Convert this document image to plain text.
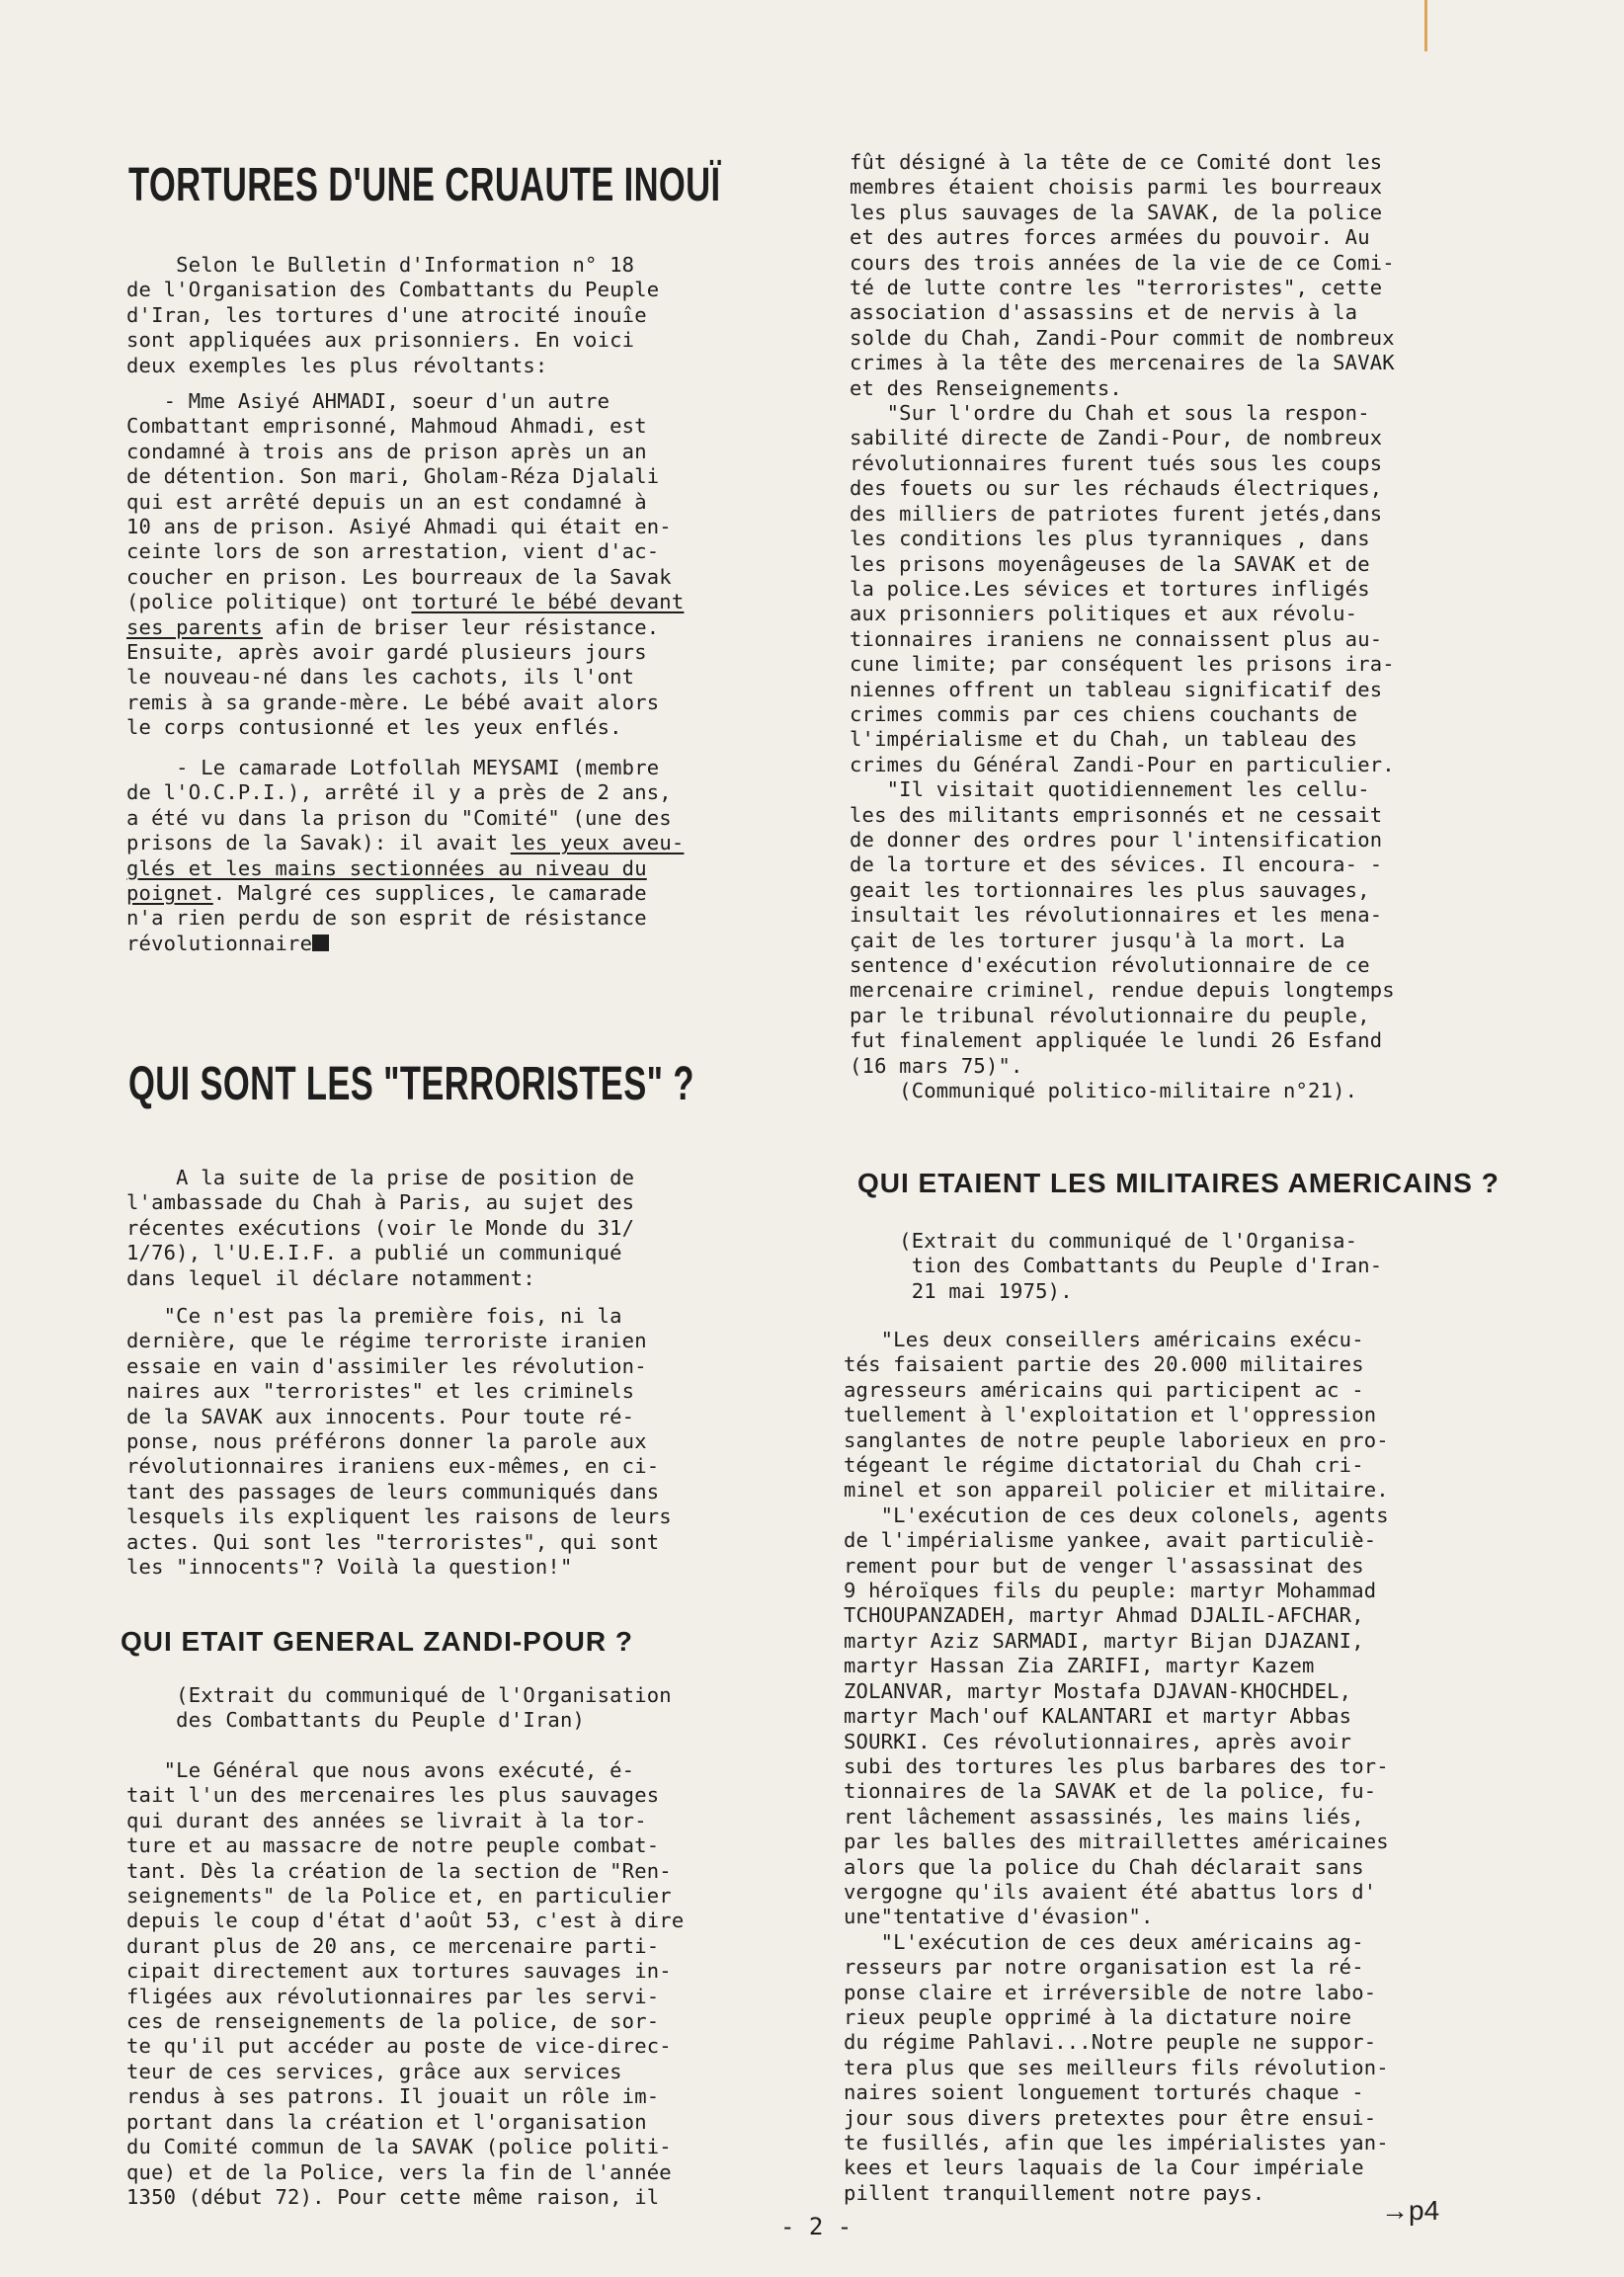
TORTURES D'UNE CRUAUTE INOUÏ

Selon le Bulletin d'Information n° 18
de l'Organisation des Combattants du Peuple
d'Iran, les tortures d'une atrocité inouîe
sont appliquées aux prisonniers. En voici
deux exemples les plus révoltants:

- Mme Asiyé AHMADI, soeur d'un autre
Combattant emprisonné, Mahmoud Ahmadi, est
condamné à trois ans de prison après un an
de détention. Son mari, Gholam-Réza Djalali
qui est arrêté depuis un an est condamné à
10 ans de prison. Asiyé Ahmadi qui était en-
ceinte lors de son arrestation, vient d'ac-
coucher en prison. Les bourreaux de la Savak
(police politique) ont torturé le bébé devant
ses parents afin de briser leur résistance.
Ensuite, après avoir gardé plusieurs jours
le nouveau-né dans les cachots, ils l'ont
remis à sa grande-mère. Le bébé avait alors
le corps contusionné et les yeux enflés.

- Le camarade Lotfollah MEYSAMI (membre
de l'O.C.P.I.), arrêté il y a près de 2 ans,
a été vu dans la prison du "Comité" (une des
prisons de la Savak): il avait les yeux aveu-
glés et les mains sectionnées au niveau du
poignet. Malgré ces supplices, le camarade
n'a rien perdu de son esprit de résistance
révolutionnaire

QUI SONT LES "TERRORISTES" ?

A la suite de la prise de position de
l'ambassade du Chah à Paris, au sujet des
récentes exécutions (voir le Monde du 31/
1/76), l'U.E.I.F. a publié un communiqué
dans lequel il déclare notamment:

"Ce n'est pas la première fois, ni la
dernière, que le régime terroriste iranien
essaie en vain d'assimiler les révolution-
naires aux "terroristes" et les criminels
de la SAVAK aux innocents. Pour toute ré-
ponse, nous préférons donner la parole aux
révolutionnaires iraniens eux-mêmes, en ci-
tant des passages de leurs communiqués dans
lesquels ils expliquent les raisons de leurs
actes. Qui sont les "terroristes", qui sont
les "innocents"? Voilà la question!"

QUI ETAIT GENERAL ZANDI-POUR ?

(Extrait du communiqué de l'Organisation
des Combattants du Peuple d'Iran)

"Le Général que nous avons exécuté, é-
tait l'un des mercenaires les plus sauvages
qui durant des années se livrait à la tor-
ture et au massacre de notre peuple combat-
tant. Dès la création de la section de "Ren-
seignements" de la Police et, en particulier
depuis le coup d'état d'août 53, c'est à dire
durant plus de 20 ans, ce mercenaire parti-
cipait directement aux tortures sauvages in-
fligées aux révolutionnaires par les servi-
ces de renseignements de la police, de sor-
te qu'il put accéder au poste de vice-direc-
teur de ces services, grâce aux services
rendus à ses patrons. Il jouait un rôle im-
portant dans la création et l'organisation
du Comité commun de la SAVAK (police politi-
que) et de la Police, vers la fin de l'année
1350 (début 72). Pour cette même raison, il

fût désigné à la tête de ce Comité dont les
membres étaient choisis parmi les bourreaux
les plus sauvages de la SAVAK, de la police
et des autres forces armées du pouvoir. Au
cours des trois années de la vie de ce Comi-
té de lutte contre les "terroristes", cette
association d'assassins et de nervis à la
solde du Chah, Zandi-Pour commit de nombreux
crimes à la tête des mercenaires de la SAVAK
et des Renseignements.
"Sur l'ordre du Chah et sous la respon-
sabilité directe de Zandi-Pour, de nombreux
révolutionnaires furent tués sous les coups
des fouets ou sur les réchauds électriques,
des milliers de patriotes furent jetés,dans
les conditions les plus tyranniques , dans
les prisons moyenâgeuses de la SAVAK et de
la police.Les sévices et tortures infligés
aux prisonniers politiques et aux révolu-
tionnaires iraniens ne connaissent plus au-
cune limite; par conséquent les prisons ira-
niennes offrent un tableau significatif des
crimes commis par ces chiens couchants de
l'impérialisme et du Chah, un tableau des
crimes du Général Zandi-Pour en particulier.
"Il visitait quotidiennement les cellu-
les des militants emprisonnés et ne cessait
de donner des ordres pour l'intensification
de la torture et des sévices. Il encoura- -
geait les tortionnaires les plus sauvages,
insultait les révolutionnaires et les mena-
çait de les torturer jusqu'à la mort. La
sentence d'exécution révolutionnaire de ce
mercenaire criminel, rendue depuis longtemps
par le tribunal révolutionnaire du peuple,
fut finalement appliquée le lundi 26 Esfand
(16 mars 75)".
(Communiqué politico-militaire n°21).

QUI ETAIENT LES MILITAIRES AMERICAINS ?

(Extrait du communiqué de l'Organisa-
tion des Combattants du Peuple d'Iran-
21 mai 1975).

"Les deux conseillers américains exécu-
tés faisaient partie des 20.000 militaires
agresseurs américains qui participent ac -
tuellement à l'exploitation et l'oppression
sanglantes de notre peuple laborieux en pro-
tégeant le régime dictatorial du Chah cri-
minel et son appareil policier et militaire.
"L'exécution de ces deux colonels, agents
de l'impérialisme yankee, avait particuliè-
rement pour but de venger l'assassinat des
9 héroïques fils du peuple: martyr Mohammad
TCHOUPANZADEH, martyr Ahmad DJALIL-AFCHAR,
martyr Aziz SARMADI, martyr Bijan DJAZANI,
martyr Hassan Zia ZARIFI, martyr Kazem
ZOLANVAR, martyr Mostafa DJAVAN-KHOCHDEL,
martyr Mach'ouf KALANTARI et martyr Abbas
SOURKI. Ces révolutionnaires, après avoir
subi des tortures les plus barbares des tor-
tionnaires de la SAVAK et de la police, fu-
rent lâchement assassinés, les mains liés,
par les balles des mitraillettes américaines
alors que la police du Chah déclarait sans
vergogne qu'ils avaient été abattus lors d'
une"tentative d'évasion".
"L'exécution de ces deux américains ag-
resseurs par notre organisation est la ré-
ponse claire et irréversible de notre labo-
rieux peuple opprimé à la dictature noire
du régime Pahlavi...Notre peuple ne suppor-
tera plus que ses meilleurs fils révolution-
naires soient longuement torturés chaque -
jour sous divers pretextes pour être ensui-
te fusillés, afin que les impérialistes yan-
kees et leurs laquais de la Cour impériale
pillent tranquillement notre pays.

- 2 -
→p4
